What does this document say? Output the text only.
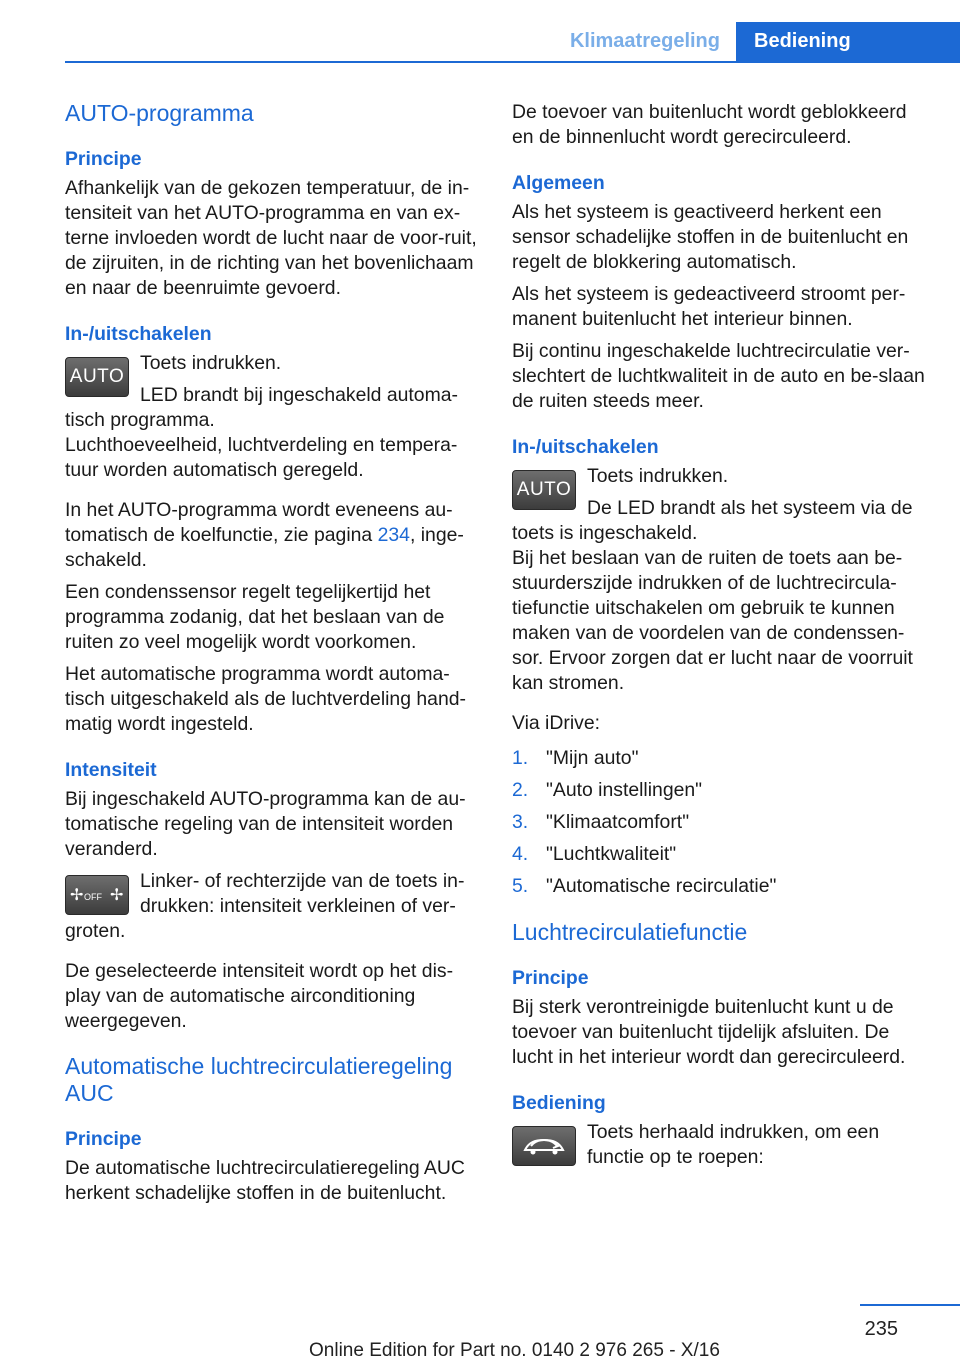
Klimaatregeling	Bediening
AUTO-programma
Principe

Afhankelijk van de gekozen temperatuur, de in-tensiteit van het AUTO-programma en van ex-terne invloeden wordt de lucht naar de voor-ruit, de zijruiten, in de richting van het bovenlichaam en naar de beenruimte gevoerd.

In-/uitschakelen
AUTO

Toets indrukken.

LED brandt bij ingeschakeld automa-tisch programma.

Luchthoeveelheid, luchtverdeling en tempera-tuur worden automatisch geregeld.

In het AUTO-programma wordt eveneens au-tomatisch de koelfunctie, zie pagina 234, inge-schakeld.

Een condenssensor regelt tegelijkertijd het programma zodanig, dat het beslaan van de ruiten zo veel mogelijk wordt voorkomen.

Het automatische programma wordt automa-tisch uitgeschakeld als de luchtverdeling hand-matig wordt ingesteld.

Intensiteit

Bij ingeschakeld AUTO-programma kan de au-tomatische regeling van de intensiteit worden veranderd.

✢OFF ✢

Linker- of rechterzijde van de toets in-drukken: intensiteit verkleinen of ver-groten.

De geselecteerde intensiteit wordt op het dis-play van de automatische airconditioning weergegeven.

Automatische luchtrecirculatieregeling AUC
Principe

De automatische luchtrecirculatieregeling AUC herkent schadelijke stoffen in de buitenlucht.

De toevoer van buitenlucht wordt geblokkeerd en de binnenlucht wordt gerecirculeerd.

Algemeen

Als het systeem is geactiveerd herkent een sensor schadelijke stoffen in de buitenlucht en regelt de blokkering automatisch.

Als het systeem is gedeactiveerd stroomt per-manent buitenlucht het interieur binnen.

Bij continu ingeschakelde luchtrecirculatie ver-slechtert de luchtkwaliteit in de auto en be-slaan de ruiten steeds meer.

In-/uitschakelen
AUTO

Toets indrukken.

De LED brandt als het systeem via de toets is ingeschakeld.

Bij het beslaan van de ruiten de toets aan be-stuurderszijde indrukken of de luchtrecircula-tiefunctie uitschakelen om gebruik te kunnen maken van de voordelen van de condenssen-sor. Ervoor zorgen dat er lucht naar de voorruit kan stromen.

Via iDrive:

1. "Mijn auto"
2. "Auto instellingen"
3. "Klimaatcomfort"
4. "Luchtkwaliteit"
5. "Automatische recirculatie"
Luchtrecirculatiefunctie
Principe

Bij sterk verontreinigde buitenlucht kunt u de toevoer van buitenlucht tijdelijk afsluiten. De lucht in het interieur wordt dan gerecirculeerd.

Bediening

Toets herhaald indrukken, om een functie op te roepen:

235
Online Edition for Part no. 0140 2 976 265 - X/16
